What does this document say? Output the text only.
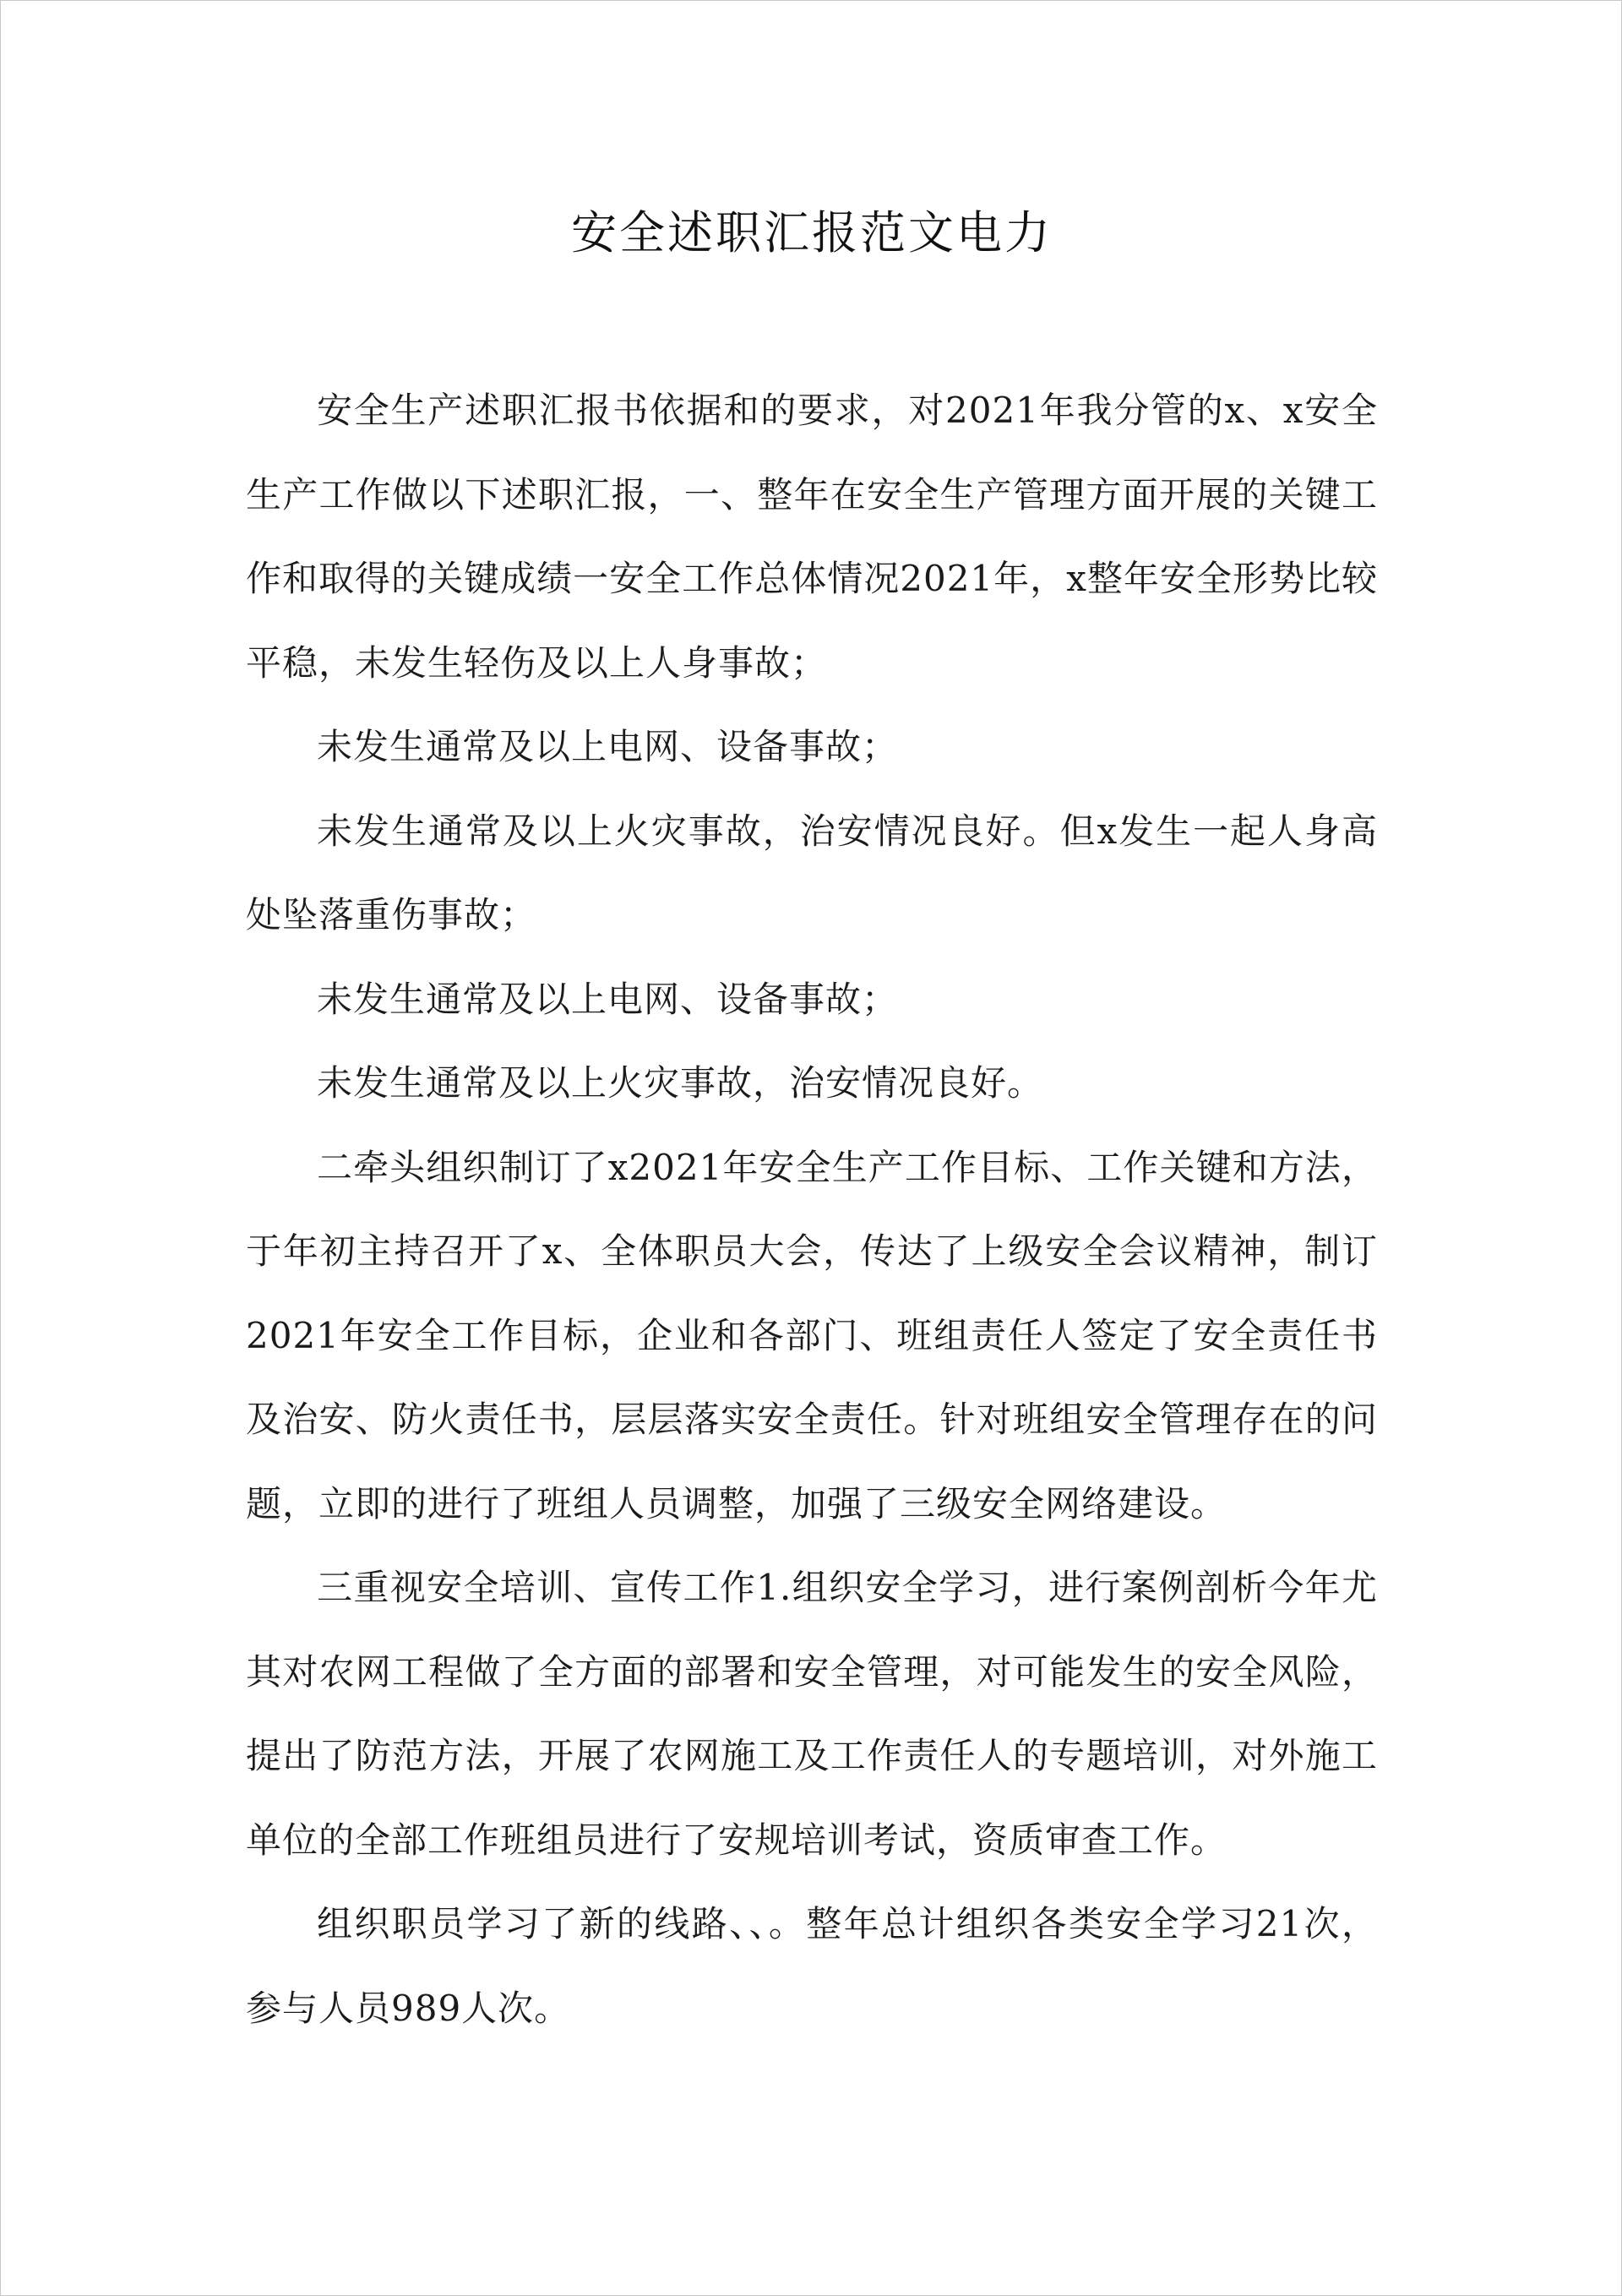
安全述职汇报范文电力

安全生产述职汇报书依据和的要求，对2021年我分管的x、x安全生产工作做以下述职汇报，一、整年在安全生产管理方面开展的关键工作和取得的关键成绩一安全工作总体情况2021年，x整年安全形势比较平稳，未发生轻伤及以上人身事故；

未发生通常及以上电网、设备事故；

未发生通常及以上火灾事故，治安情况良好。但x发生一起人身高处坠落重伤事故；

未发生通常及以上电网、设备事故；

未发生通常及以上火灾事故，治安情况良好。

二牵头组织制订了x2021年安全生产工作目标、工作关键和方法，于年初主持召开了x、全体职员大会，传达了上级安全会议精神，制订2021年安全工作目标，企业和各部门、班组责任人签定了安全责任书及治安、防火责任书，层层落实安全责任。针对班组安全管理存在的问题，立即的进行了班组人员调整，加强了三级安全网络建设。

三重视安全培训、宣传工作1.组织安全学习，进行案例剖析今年尤其对农网工程做了全方面的部署和安全管理，对可能发生的安全风险，提出了防范方法，开展了农网施工及工作责任人的专题培训，对外施工单位的全部工作班组员进行了安规培训考试，资质审查工作。

组织职员学习了新的线路、、。整年总计组织各类安全学习21次，参与人员989人次。
